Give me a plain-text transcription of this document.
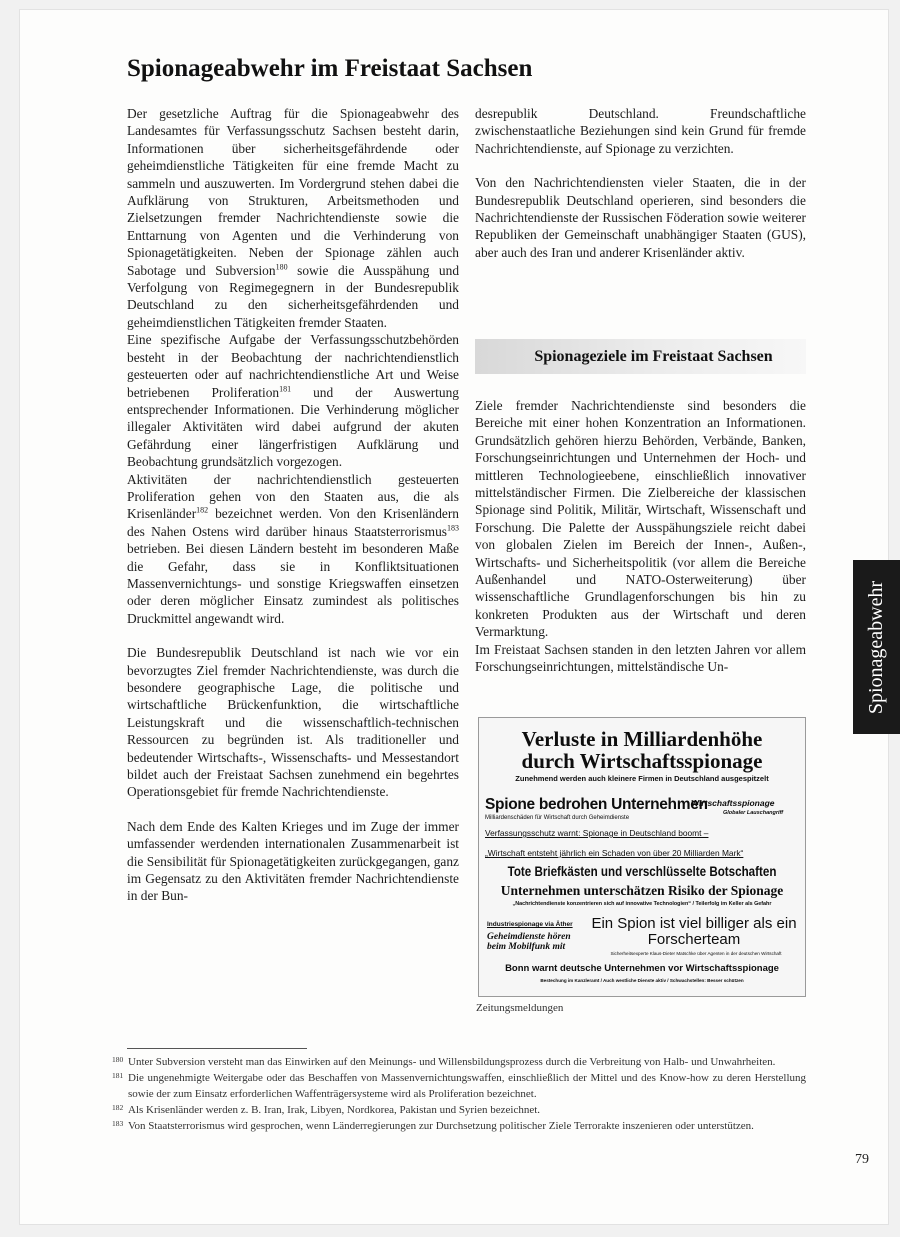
Spionageabwehr im Freistaat Sachsen

Der gesetzliche Auftrag für die Spionageabwehr des Landesamtes für Verfassungsschutz Sachsen besteht darin, Informationen über sicherheitsgefährdende oder geheimdienstliche Tätigkeiten für eine fremde Macht zu sammeln und auszuwerten. Im Vordergrund stehen dabei die Aufklärung von Strukturen, Arbeitsmethoden und Zielsetzungen fremder Nachrichtendienste sowie die Enttarnung von Agenten und die Verhinderung von Spionagetätigkeiten. Neben der Spionage zählen auch Sabotage und Subversion$^{180}$ sowie die Ausspähung und Verfolgung von Regimegegnern in der Bundesrepublik Deutschland zu den sicherheitsgefährdenden und geheimdienstlichen Tätigkeiten fremder Staaten.

Eine spezifische Aufgabe der Verfassungsschutzbehörden besteht in der Beobachtung der nachrichtendienstlich gesteuerten oder auf nachrichtendienstliche Art und Weise betriebenen Proliferation$^{181}$ und der Auswertung entsprechender Informationen. Die Verhinderung möglicher illegaler Aktivitäten wird dabei aufgrund der akuten Gefährdung einer längerfristigen Aufklärung und Beobachtung grundsätzlich vorgezogen.

Aktivitäten der nachrichtendienstlich gesteuerten Proliferation gehen von den Staaten aus, die als Krisenländer$^{182}$ bezeichnet werden. Von den Krisenländern des Nahen Ostens wird darüber hinaus Staatsterrorismus$^{183}$ betrieben. Bei diesen Ländern besteht im besonderen Maße die Gefahr, dass sie in Konfliktsituationen Massenvernichtungs- und sonstige Kriegswaffen einsetzen oder deren möglicher Einsatz zumindest als politisches Druckmittel angewandt wird.

Die Bundesrepublik Deutschland ist nach wie vor ein bevorzugtes Ziel fremder Nachrichtendienste, was durch die besondere geographische Lage, die politische und wirtschaftliche Brückenfunktion, die wirtschaftliche Leistungskraft und die wissenschaftlich-technischen Ressourcen zu begründen ist. Als traditioneller und bedeutender Wirtschafts-, Wissenschafts- und Messestandort bildet auch der Freistaat Sachsen zunehmend ein begehrtes Operationsgebiet für fremde Nachrichtendienste.

Nach dem Ende des Kalten Krieges und im Zuge der immer umfassender werdenden internationalen Zusammenarbeit ist die Sensibilität für Spionagetätigkeiten zurückgegangen, ganz im Gegensatz zu den Aktivitäten fremder Nachrichtendienste in der Bun-

desrepublik Deutschland. Freundschaftliche zwischenstaatliche Beziehungen sind kein Grund für fremde Nachrichtendienste, auf Spionage zu verzichten.

Von den Nachrichtendiensten vieler Staaten, die in der Bundesrepublik Deutschland operieren, sind besonders die Nachrichtendienste der Russischen Föderation sowie weiterer Republiken der Gemeinschaft unabhängiger Staaten (GUS), aber auch des Iran und anderer Krisenländer aktiv.

Spionageziele im Freistaat Sachsen

Ziele fremder Nachrichtendienste sind besonders die Bereiche mit einer hohen Konzentration an Informationen. Grundsätzlich gehören hierzu Behörden, Verbände, Banken, Forschungseinrichtungen und Unternehmen der Hoch- und mittleren Technologieebene, einschließlich innovativer mittelständischer Firmen. Die Zielbereiche der klassischen Spionage sind Politik, Militär, Wirtschaft, Wissenschaft und Forschung. Die Palette der Ausspähungsziele reicht dabei von globalen Zielen im Bereich der Innen-, Außen-, Wirtschafts- und Sicherheitspolitik (vor allem die Bereiche Außenhandel und NATO-Osterweiterung) über wissenschaftliche Grundlagenforschungen bis hin zu konkreten Produkten aus der Wirtschaft und deren Vermarktung.

Im Freistaat Sachsen standen in den letzten Jahren vor allem Forschungseinrichtungen, mittelständische Un-	Spionageabwehr
Verluste in Milliardenhöhe
durch Wirtschaftsspionage
Zunehmend werden auch kleinere Firmen in Deutschland ausgespitzelt
Spione bedrohen Unternehmen
Wirtschaftsspionage
Globaler Lauschangriff
Milliardenschäden für Wirtschaft durch Geheimdienste
Verfassungsschutz warnt: Spionage in Deutschland boomt –
„Wirtschaft entsteht jährlich ein Schaden von über 20 Milliarden Mark“
Tote Briefkästen und verschlüsselte Botschaften
Unternehmen unterschätzen Risiko der Spionage
„Nachrichtendienste konzentrieren sich auf innovative Technologien“ / Teilerfolg im Keller als Gefahr
Industriespionage via Äther
Geheimdienste hören beim Mobilfunk mit
Ein Spion ist viel billiger als ein Forscherteam
Sicherheitsexperte Klaus-Dieter Matschke über Agenten in der deutschen Wirtschaft
Bonn warnt deutsche Unternehmen vor Wirtschaftsspionage
Bestechung im Kanzleramt / Auch westliche Dienste aktiv / Schwachstellen: Besser schützen
Zeitungsmeldungen

180 Unter Subversion versteht man das Einwirken auf den Meinungs- und Willensbildungsprozess durch die Verbreitung von Halb- und Unwahrheiten.

181 Die ungenehmigte Weitergabe oder das Beschaffen von Massenvernichtungswaffen, einschließlich der Mittel und des Know-how zu deren Herstellung sowie der zum Einsatz erforderlichen Waffenträgersysteme wird als Proliferation bezeichnet.

182 Als Krisenländer werden z. B. Iran, Irak, Libyen, Nordkorea, Pakistan und Syrien bezeichnet.

183 Von Staatsterrorismus wird gesprochen, wenn Länderregierungen zur Durchsetzung politischer Ziele Terrorakte inszenieren oder unterstützen.

79
